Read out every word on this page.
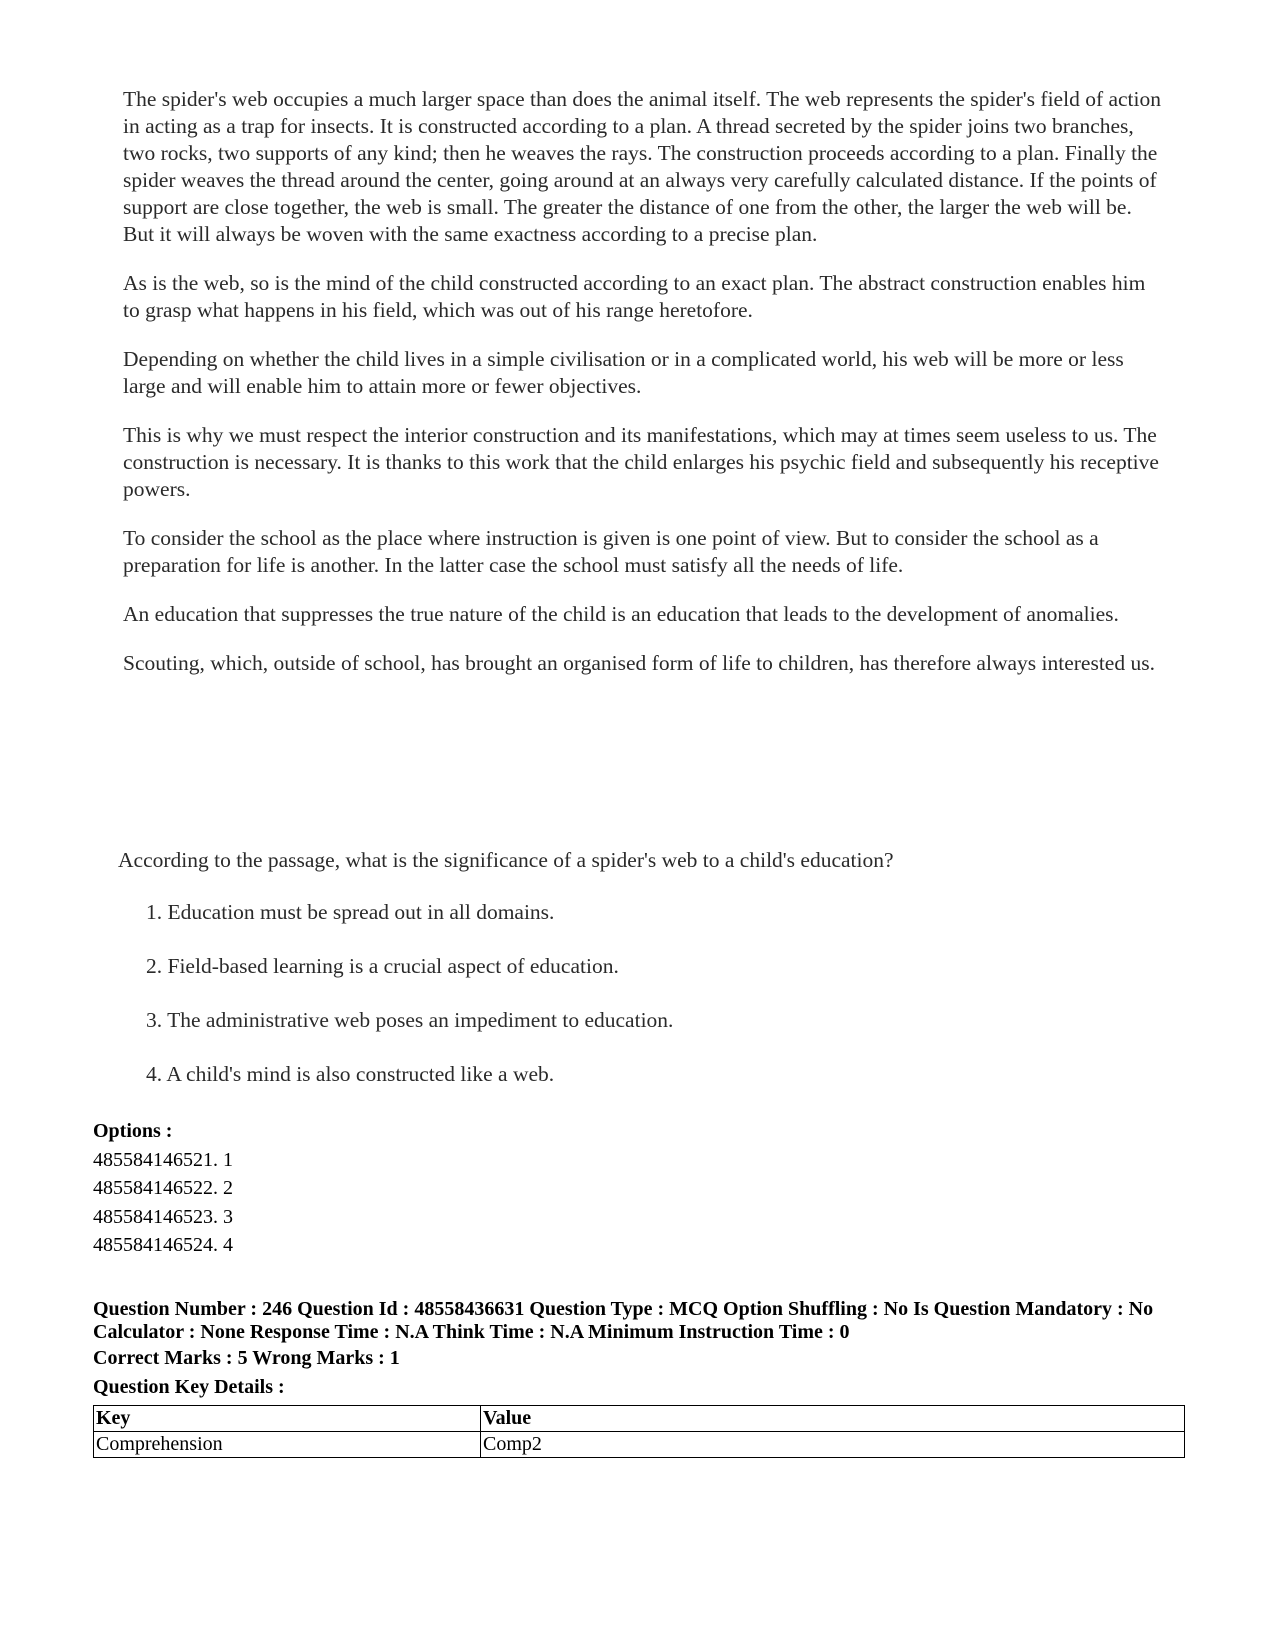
The spider's web occupies a much larger space than does the animal itself. The web represents the spider's field of action in acting as a trap for insects. It is constructed according to a plan. A thread secreted by the spider joins two branches, two rocks, two supports of any kind; then he weaves the rays. The construction proceeds according to a plan. Finally the spider weaves the thread around the center, going around at an always very carefully calculated distance. If the points of support are close together, the web is small. The greater the distance of one from the other, the larger the web will be. But it will always be woven with the same exactness according to a precise plan.

As is the web, so is the mind of the child constructed according to an exact plan. The abstract construction enables him to grasp what happens in his field, which was out of his range heretofore.

Depending on whether the child lives in a simple civilisation or in a complicated world, his web will be more or less large and will enable him to attain more or fewer objectives.

This is why we must respect the interior construction and its manifestations, which may at times seem useless to us. The construction is necessary. It is thanks to this work that the child enlarges his psychic field and subsequently his receptive powers.

To consider the school as the place where instruction is given is one point of view. But to consider the school as a preparation for life is another. In the latter case the school must satisfy all the needs of life.

An education that suppresses the true nature of the child is an education that leads to the development of anomalies.

Scouting, which, outside of school, has brought an organised form of life to children, has therefore always interested us.

According to the passage, what is the significance of a spider's web to a child's education?
1. Education must be spread out in all domains.
2. Field-based learning is a crucial aspect of education.
3. The administrative web poses an impediment to education.
4. A child's mind is also constructed like a web.
Options :
485584146521. 1
485584146522. 2
485584146523. 3
485584146524. 4
Question Number : 246 Question Id : 48558436631 Question Type : MCQ Option Shuffling : No Is Question Mandatory : No Calculator : None Response Time : N.A Think Time : N.A Minimum Instruction Time : 0
Correct Marks : 5 Wrong Marks : 1
Question Key Details :
Key	Value
Comprehension	Comp2
